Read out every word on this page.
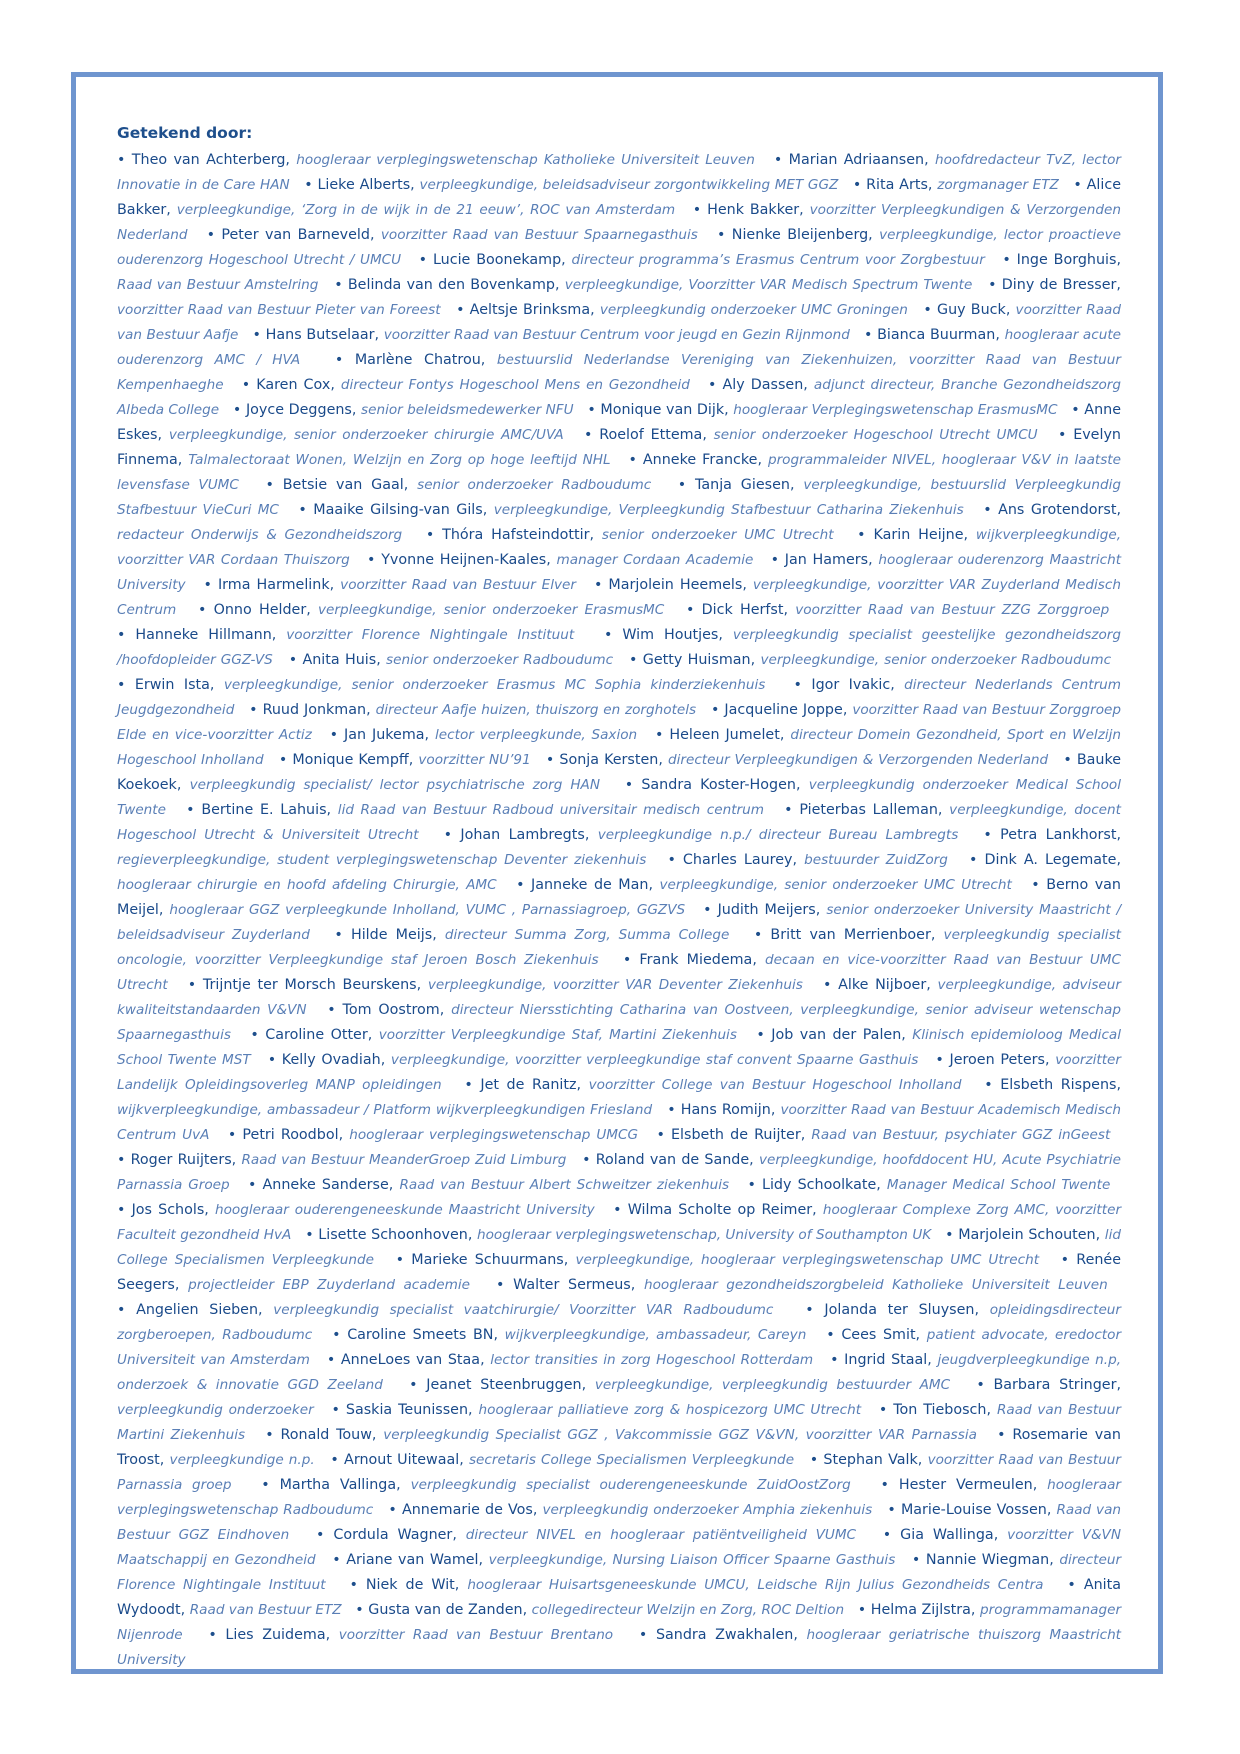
Getekend door:

• Theo van Achterberg, hoogleraar verplegingswetenschap Katholieke Universiteit Leuven • Marian Adriaansen, hoofdredacteur TvZ, lector Innovatie in de Care HAN • Lieke Alberts, verpleegkundige, beleidsadviseur zorgontwikkeling MET GGZ • Rita Arts, zorgmanager ETZ • Alice Bakker, verpleegkundige, ‘Zorg in de wijk in de 21 eeuw’, ROC van Amsterdam • Henk Bakker, voorzitter Verpleegkundigen & Verzorgenden Nederland • Peter van Barneveld, voorzitter Raad van Bestuur Spaarnegasthuis • Nienke Bleijenberg, verpleegkundige, lector proactieve ouderenzorg Hogeschool Utrecht / UMCU • Lucie Boonekamp, directeur programma’s Erasmus Centrum voor Zorgbestuur • Inge Borghuis, Raad van Bestuur Amstelring • Belinda van den Bovenkamp, verpleegkundige, Voorzitter VAR Medisch Spectrum Twente • Diny de Bresser, voorzitter Raad van Bestuur Pieter van Foreest • Aeltsje Brinksma, verpleegkundig onderzoeker UMC Groningen • Guy Buck, voorzitter Raad van Bestuur Aafje • Hans Butselaar, voorzitter Raad van Bestuur Centrum voor jeugd en Gezin Rijnmond • Bianca Buurman, hoogleraar acute ouderenzorg AMC / HVA • Marlène Chatrou, bestuurslid Nederlandse Vereniging van Ziekenhuizen, voorzitter Raad van Bestuur Kempenhaeghe • Karen Cox, directeur Fontys Hogeschool Mens en Gezondheid • Aly Dassen, adjunct directeur, Branche Gezondheidszorg Albeda College • Joyce Deggens, senior beleidsmedewerker NFU • Monique van Dijk, hoogleraar Verplegingswetenschap ErasmusMC • Anne Eskes, verpleegkundige, senior onderzoeker chirurgie AMC/UVA • Roelof Ettema, senior onderzoeker Hogeschool Utrecht UMCU • Evelyn Finnema, Talmalectoraat Wonen, Welzijn en Zorg op hoge leeftijd NHL • Anneke Francke, programmaleider NIVEL, hoogleraar V&V in laatste levensfase VUMC • Betsie van Gaal, senior onderzoeker Radboudumc • Tanja Giesen, verpleegkundige, bestuurslid Verpleegkundig Stafbestuur VieCuri MC • Maaike Gilsing-van Gils, verpleegkundige, Verpleegkundig Stafbestuur Catharina Ziekenhuis • Ans Grotendorst, redacteur Onderwijs & Gezondheidszorg • Thóra Hafsteindottir, senior onderzoeker UMC Utrecht • Karin Heijne, wijkverpleegkundige, voorzitter VAR Cordaan Thuiszorg • Yvonne Heijnen-Kaales, manager Cordaan Academie • Jan Hamers, hoogleraar ouderenzorg Maastricht University • Irma Harmelink, voorzitter Raad van Bestuur Elver • Marjolein Heemels, verpleegkundige, voorzitter VAR Zuyderland Medisch Centrum • Onno Helder, verpleegkundige, senior onderzoeker ErasmusMC • Dick Herfst, voorzitter Raad van Bestuur ZZG Zorggroep   • Hanneke Hillmann, voorzitter Florence Nightingale Instituut • Wim Houtjes, verpleegkundig specialist geestelijke gezondheidszorg /hoofdopleider GGZ-VS • Anita Huis, senior onderzoeker Radboudumc • Getty Huisman, verpleegkundige, senior onderzoeker Radboudumc   • Erwin Ista, verpleegkundige, senior onderzoeker Erasmus MC Sophia kinderziekenhuis • Igor Ivakic, directeur Nederlands Centrum Jeugdgezondheid • Ruud Jonkman, directeur Aafje huizen, thuiszorg en zorghotels • Jacqueline Joppe, voorzitter Raad van Bestuur Zorggroep Elde en vice-voorzitter Actiz • Jan Jukema, lector verpleegkunde, Saxion • Heleen Jumelet, directeur Domein Gezondheid, Sport en Welzijn Hogeschool Inholland • Monique Kempff, voorzitter NU’91 • Sonja Kersten, directeur Verpleegkundigen & Verzorgenden Nederland • Bauke Koekoek, verpleegkundig specialist/ lector psychiatrische zorg HAN • Sandra Koster-Hogen, verpleegkundig onderzoeker Medical School Twente • Bertine E. Lahuis, lid Raad van Bestuur Radboud universitair medisch centrum • Pieterbas Lalleman, verpleegkundige, docent Hogeschool Utrecht & Universiteit Utrecht • Johan Lambregts, verpleegkundige n.p./ directeur Bureau Lambregts • Petra Lankhorst, regieverpleegkundige, student verplegingswetenschap Deventer ziekenhuis • Charles Laurey, bestuurder ZuidZorg • Dink A. Legemate, hoogleraar chirurgie en hoofd afdeling Chirurgie, AMC • Janneke de Man, verpleegkundige, senior onderzoeker UMC Utrecht • Berno van Meijel, hoogleraar GGZ verpleegkunde Inholland, VUMC , Parnassiagroep, GGZVS • Judith Meijers, senior onderzoeker University Maastricht / beleidsadviseur Zuyderland • Hilde Meijs, directeur Summa Zorg, Summa College • Britt van Merrienboer, verpleegkundig specialist oncologie, voorzitter Verpleegkundige staf Jeroen Bosch Ziekenhuis • Frank Miedema, decaan en vice-voorzitter Raad van Bestuur UMC Utrecht • Trijntje ter Morsch Beurskens, verpleegkundige, voorzitter VAR Deventer Ziekenhuis • Alke Nijboer, verpleegkundige, adviseur kwaliteitstandaarden V&VN • Tom Oostrom, directeur Niersstichting Catharina van Oostveen, verpleegkundige, senior adviseur wetenschap Spaarnegasthuis • Caroline Otter, voorzitter Verpleegkundige Staf, Martini Ziekenhuis • Job van der Palen, Klinisch epidemioloog Medical School Twente MST • Kelly Ovadiah, verpleegkundige, voorzitter verpleegkundige staf convent Spaarne Gasthuis • Jeroen Peters, voorzitter Landelijk Opleidingsoverleg MANP opleidingen • Jet de Ranitz, voorzitter College van Bestuur Hogeschool Inholland • Elsbeth Rispens, wijkverpleegkundige, ambassadeur / Platform wijkverpleegkundigen Friesland • Hans Romijn, voorzitter Raad van Bestuur Academisch Medisch Centrum UvA • Petri Roodbol, hoogleraar verplegingswetenschap UMCG • Elsbeth de Ruijter, Raad van Bestuur, psychiater GGZ inGeest   • Roger Ruijters, Raad van Bestuur MeanderGroep Zuid Limburg • Roland van de Sande, verpleegkundige, hoofddocent HU, Acute Psychiatrie Parnassia Groep • Anneke Sanderse, Raad van Bestuur Albert Schweitzer ziekenhuis • Lidy Schoolkate, Manager Medical School Twente   • Jos Schols, hoogleraar ouderengeneeskunde Maastricht University • Wilma Scholte op Reimer, hoogleraar Complexe Zorg AMC, voorzitter Faculteit gezondheid HvA • Lisette Schoonhoven, hoogleraar verplegingswetenschap, University of Southampton UK • Marjolein Schouten, lid College Specialismen Verpleegkunde • Marieke Schuurmans, verpleegkundige, hoogleraar verplegingswetenschap UMC Utrecht • Renée Seegers, projectleider EBP Zuyderland academie • Walter Sermeus, hoogleraar gezondheidszorgbeleid Katholieke Universiteit Leuven   • Angelien Sieben, verpleegkundig specialist vaatchirurgie/ Voorzitter VAR Radboudumc • Jolanda ter Sluysen, opleidingsdirecteur zorgberoepen, Radboudumc • Caroline Smeets BN, wijkverpleegkundige, ambassadeur, Careyn • Cees Smit, patient advocate, eredoctor Universiteit van Amsterdam • AnneLoes van Staa, lector transities in zorg Hogeschool Rotterdam • Ingrid Staal, jeugdverpleegkundige n.p, onderzoek & innovatie GGD Zeeland • Jeanet Steenbruggen, verpleegkundige, verpleegkundig bestuurder AMC • Barbara Stringer, verpleegkundig onderzoeker • Saskia Teunissen, hoogleraar palliatieve zorg & hospicezorg UMC Utrecht • Ton Tiebosch, Raad van Bestuur Martini Ziekenhuis • Ronald Touw, verpleegkundig Specialist GGZ , Vakcommissie GGZ V&VN, voorzitter VAR Parnassia • Rosemarie van Troost, verpleegkundige n.p. • Arnout Uitewaal, secretaris College Specialismen Verpleegkunde • Stephan Valk, voorzitter Raad van Bestuur Parnassia groep • Martha Vallinga, verpleegkundig specialist ouderengeneeskunde ZuidOostZorg • Hester Vermeulen, hoogleraar verplegingswetenschap Radboudumc • Annemarie de Vos, verpleegkundig onderzoeker Amphia ziekenhuis • Marie-Louise Vossen, Raad van Bestuur GGZ Eindhoven • Cordula Wagner, directeur NIVEL en hoogleraar patiëntveiligheid VUMC • Gia Wallinga, voorzitter V&VN Maatschappij en Gezondheid • Ariane van Wamel, verpleegkundige, Nursing Liaison Officer Spaarne Gasthuis • Nannie Wiegman, directeur Florence Nightingale Instituut • Niek de Wit, hoogleraar Huisartsgeneeskunde UMCU, Leidsche Rijn Julius Gezondheids Centra • Anita Wydoodt, Raad van Bestuur ETZ • Gusta van de Zanden, collegedirecteur Welzijn en Zorg, ROC Deltion • Helma Zijlstra, programmamanager Nijenrode • Lies Zuidema, voorzitter Raad van Bestuur Brentano • Sandra Zwakhalen, hoogleraar geriatrische thuiszorg Maastricht University
